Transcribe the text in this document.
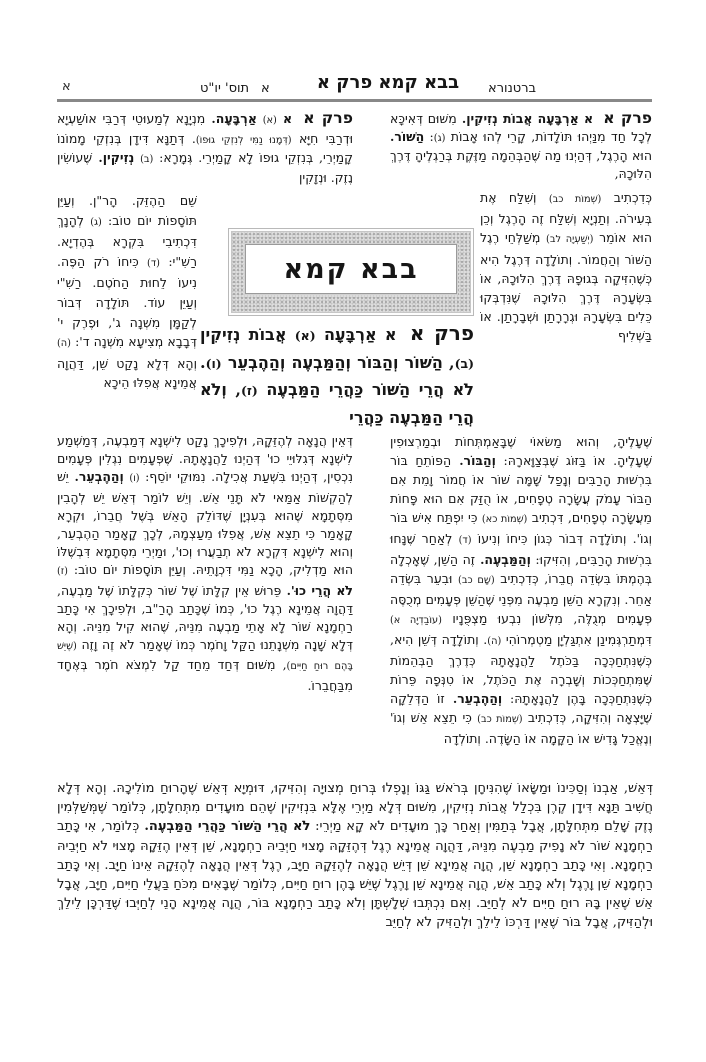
א	תוס' יו"ט א	בבא קמא פרק א	ברטנורא
פרק א א אַרְבָּעָה אֲבוֹת נְזִיקִין. מִשּׁוּם דְּאִיכָּא לְכָל חַד מִנַּיְהוּ תּוֹלָדוֹת, קָרֵי לְהוּ אָבוֹת (ג): הַשּׁוֹר. הוּא הָרֶגֶל, דְּהַיְנוּ מַה שֶּׁהַבְּהֵמָה מַזֶּקֶת בְּרַגְלֶיהָ דֶּרֶךְ הִלּוּכָהּ,
כְּדִכְתִיב (שְׁמוֹת כב) וְשִׁלַּח אֶת בְּעִירֹה. וְתַנְיָא וְשִׁלַּח זֶה הָרֶגֶל וְכֵן הוּא אוֹמֵר (יְשַׁעְיָה לב) מְשַׁלְּחֵי רֶגֶל הַשּׁוֹר וְהַחֲמוֹר. וְתוֹלָדָה דְּרֶגֶל הִיא כְּשֶׁהִזִּיקָה בְּגוּפָהּ דֶּרֶךְ הִלּוּכָהּ, אוֹ בִּשְׂעָרָהּ דֶּרֶךְ הִלּוּכָהּ שֶׁנִּדְבְּקוּ כֵּלִים בִּשְׂעָרָהּ וּגְרָרָתַן וּשְׁבָרָתַן. אוֹ בַּשְּׁלִיף
שֶׁעָלֶיהָ, וְהוּא מַשּׂאוֹי שֶׁבָּאַמְתְּחוֹת וּבְמַרְצוּפִין שֶׁעָלֶיהָ. אוֹ בַּזּוֹג שֶׁבְּצַוָּארָהּ: וְהַבּוֹר. הַפּוֹתֵחַ בּוֹר בִּרְשׁוּת הָרַבִּים וְנָפַל שָׁמָּה שׁוֹר אוֹ חֲמוֹר וָמֵת אִם הַבּוֹר עָמֹק עֲשָׂרָה טְפָחִים, אוֹ הֻזַּק אִם הוּא פָּחוֹת מֵעֲשָׂרָה טְפָחִים, דִּכְתִיב (שְׁמוֹת כא) כִּי יִפְתַּח אִישׁ בּוֹר וְגוֹ'. וְתוֹלָדָה דְּבוֹר כְּגוֹן כִּיחוֹ וְנִיעוֹ (ד) לְאַחַר שֶׁנָּחוּ בִּרְשׁוּת הָרַבִּים, וְהִזִּיקוּ: וְהַמַּבְעֶה. זֶה הַשֵּׁן, שֶׁאָכְלָה בְּהֶמְתּוֹ בִּשְׂדֵה חֲבֵרוֹ, כְּדִכְתִיב (שָׁם כב) וּבִעֵר בִּשְׂדֵה אַחֵר. וְנִקְרָא הַשֵּׁן מַבְעֶה מִפְּנֵי שֶׁהַשֵּׁן פְּעָמִים מְכֻסֶּה פְּעָמִים מְגֻלֶּה, מִלְּשׁוֹן נִבְעוּ מַצְפֻּנָיו (עוֹבַדְיָה א) דִּמְתַרְגְּמִינַן אִתְגַּלְיָן מַטְמְרוֹהִי (ה). וְתוֹלָדָה דְּשֵׁן הִיא, כְּשֶׁנִּתְחַכְּכָה בַּכֹּתֶל לַהֲנָאָתָהּ כְּדֶרֶךְ הַבְּהֵמוֹת שֶׁמִּתְחַכְּכוֹת וְשָׁבְרָה אֶת הַכֹּתֶל, אוֹ טִנְּפָה פֵּרוֹת כְּשֶׁנִּתְחַכְּכָה בָּהֶן לַהֲנָאָתָהּ: וְהַהֶבְעֵר. זוֹ הַדְּלֵקָה שֶׁיָּצְאָה וְהִזִּיקָה, כְּדִכְתִיב (שְׁמוֹת כב) כִּי תֵצֵא אֵשׁ וְגוֹ' וְנֶאֱכַל גָּדִישׁ אוֹ הַקָּמָה אוֹ הַשָּׂדֶה. וְתוֹלְדָה
פרק א א (א) אַרְבָּעָה. מִנְיָנָא לְמַעוּטֵי דְּרַבִּי אוֹשַׁעְיָא וּדְרַבִּי חִיָּא (דְּמָנוּ נַמִּי לְנִזְקֵי גוּפוֹ). דְּתַנָּא דִּידָן בְּנִזְקֵי מָמוֹנוֹ קָמַיְרֵי, בְּנִזְקֵי גוּפוֹ לָא קָמַיְרֵי. גְּמָרָא: (ב) נְזִיקִין. שֶׁעוֹשִׂין נֶזֶק. וּנְזָקִין
שֵׁם הַהֶזֵּק. הָר"ן. וְעַיֵּן תּוֹסָפוֹת יוֹם טוֹב: (ג) לְהָנָךְ דִּכְתִיבִי בִּקְרָא בְּהֶדְיָא. רַשִׁ"י: (ד) כִּיחוֹ רֹק הַפֶּה. נִיעוֹ לֵחוּת הַחֹטֶם. רַשִׁ"י וְעַיֵּן עוֹד. תּוֹלָדָה דְּבוֹר לְקַמָּן מִשְׁנָה ג', וּפֶרֶק י' דְּבָבָא מְצִיעָא מִשְׁנָה ד': (ה) וְהָא דְּלָא נָקַט שֵׁן, דַּהֲוָה אֲמֵינָא אֲפִלּוּ הֵיכָא
דְּאֵין הֲנָאָה לְהֶזֵּקָהּ, וּלְפִיכָךְ נָקַט לִישְׁנָא דְּמַבְעֶה, דְּמַשְׁמַע לִישְׁנָא דְּגִלּוּיֵי כוּ' דְּהַיְנוּ לַהֲנָאָתָהּ. שֶׁפְּעָמִים נִגְלִין פְּעָמִים נִכְסִין, דְּהַיְנוּ בִּשְׁעַת אֲכִילָה. נִמּוּקֵי יוֹסֵף: (ו) וְהַהֶבְעֵר. יֵשׁ לְהַקְשׁוֹת אַמַּאי לֹא תָּנֵי אֵשׁ. וְיֵשׁ לוֹמַר דְּאֵשׁ יֵשׁ לְהָבִין מִסְּתָמָא שֶׁהוּא בְּעִנְיָן שֶׁדּוֹלֵק הָאֵשׁ בְּשֶׁל חֲבֵרוֹ, וּקְרָא קָאָמַר כִּי תֵצֵא אֵשׁ, אֲפִלּוּ מֵעַצְמָהּ, לְכָךְ קָאָמַר הַהֶבְעֵר, וְהוּא לִישְׁנָא דִּקְרָא לֹא תְבַעֲרוּ וְכוּ', וּמַיְרֵי מִסְּתָמָא דִּבְשֶׁלּוֹ הוּא מַדְלִיק, הָכָא נַמִּי דִּכְוָתֵיהּ. וְעַיֵּן תּוֹסָפוֹת יוֹם טוֹב: (ז) לֹא הֲרֵי כוּ'. פֵּרוּשׁ אֵין קִלָּתוֹ שֶׁל שׁוֹר כְּקִלָּתוֹ שֶׁל מַבְעֶה, דַּהֲוָה אֲמֵינָא רֶגֶל כוּ', כְּמוֹ שֶׁכָּתַב הָרַ"ב, וּלְפִיכָךְ אִי כָּתַב רַחְמָנָא שׁוֹר לָא אָתֵי מַבְעֶה מִנֵּיהּ, שֶׁהוּא קִיל מִנֵּיהּ. וְהָא דְּלָא שָׁנָה מִשְׁנָתֵנוּ הַקַּל וָחֹמֶר כְּמוֹ שֶׁאָמַר לֹא זֶה וָזֶה (שֶׁיֵּשׁ בָּהֶם רוּחַ חַיִּים), מִשּׁוּם דְּחַד מֵחַד קַל לִמְצֹא חֹמֶר בְּאֶחָד מִבַּחֲבֵרוֹ.
בבא קמא
פרק א א אַרְבָּעָה (א) אֲבוֹת נְזִיקִין (ב), הַשּׁוֹר וְהַבּוֹר וְהַמַּבְעֶה וְהַהֶבְעֵר (ו). לֹא הֲרֵי הַשּׁוֹר כַּהֲרֵי הַמַּבְעֶה (ז), וְלֹא הֲרֵי הַמַּבְעֶה כַּהֲרֵי
דְּאֵשׁ, אַבְנוֹ וְסַכִּינוֹ וּמַשָּׂאוֹ שֶׁהִנִּיחָן בְּרֹאשׁ גַּגּוֹ וְנָפְלוּ בְּרוּחַ מְצוּיָה וְהִזִּיקוּ, דּוּמְיָא דְּאֵשׁ שֶׁהָרוּחַ מוֹלִיכָהּ. וְהָא דְּלָא חֲשִׁיב תַּנָּא דִּידָן קֶרֶן בִּכְלַל אֲבוֹת נְזִיקִין, מִשּׁוּם דְּלָא מַיְרֵי אֶלָּא בִּנְזִיקִין שֶׁהֵם מוּעָדִים מִתְּחִלָּתָן, כְּלוֹמַר שֶׁמְּשַׁלְּמִין נֶזֶק שָׁלֵם מִתְּחִלָּתָן, אֲבָל בְּתַמִּין וְאַחַר כָּךְ מוּעָדִים לֹא קָא מַיְרֵי: לֹא הֲרֵי הַשּׁוֹר כַּהֲרֵי הַמַּבְעֶה. כְּלוֹמַר, אִי כָּתַב רַחְמָנָא שׁוֹר לֹא נָפִיק מַבְעֶה מִנֵּיהּ, דַּהֲוָה אֲמֵינָא רֶגֶל דְּהֶזֵּקָהּ מָצוּי חַיְּבֵיהּ רַחְמָנָא, שֵׁן דְּאֵין הֶזֵּקָהּ מָצוּי לֹא חַיְּבֵיהּ רַחְמָנָא. וְאִי כָּתַב רַחְמָנָא שֵׁן, הֲוָה אֲמֵינָא שֵׁן דְּיֵשׁ הֲנָאָה לְהֶזֵּקָהּ חַיָּב, רֶגֶל דְּאֵין הֲנָאָה לְהֶזֵּקָהּ אֵינוֹ חַיָּב. וְאִי כָּתַב רַחְמָנָא שֵׁן וָרֶגֶל וְלֹא כָּתַב אֵשׁ, הֲוָה אֲמֵינָא שֵׁן וָרֶגֶל שֶׁיֵּשׁ בָּהֶן רוּחַ חַיִּים, כְּלוֹמַר שֶׁבָּאִים מִכֹּחַ בַּעֲלֵי חַיִּים, חַיָּב, אֲבָל אֵשׁ שֶׁאֵין בָּהּ רוּחַ חַיִּים לֹא לְחַיֵּב. וְאִם נִכְתְּבוּ שְׁלָשְׁתָּן וְלֹא כָּתַב רַחְמָנָא בּוֹר, הֲוָה אֲמֵינָא הָנֵי לְחַיְּבוּ שֶׁדַּרְכָּן לֵילֵךְ וּלְהַזִּיק, אֲבָל בּוֹר שֶׁאֵין דַּרְכּוֹ לֵילֵךְ וּלְהַזִּיק לֹא לְחַיֵּב
